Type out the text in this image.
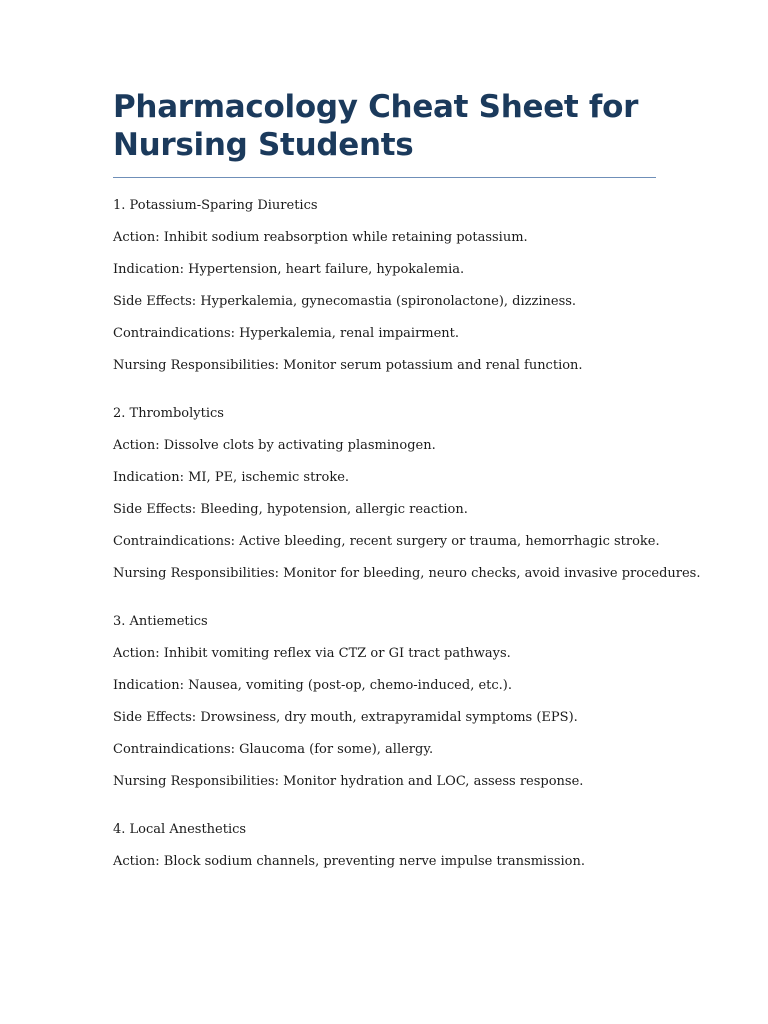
Pharmacology Cheat Sheet for Nursing Students
1. Potassium-Sparing Diuretics
Action: Inhibit sodium reabsorption while retaining potassium.
Indication: Hypertension, heart failure, hypokalemia.
Side Effects: Hyperkalemia, gynecomastia (spironolactone), dizziness.
Contraindications: Hyperkalemia, renal impairment.
Nursing Responsibilities: Monitor serum potassium and renal function.
2. Thrombolytics
Action: Dissolve clots by activating plasminogen.
Indication: MI, PE, ischemic stroke.
Side Effects: Bleeding, hypotension, allergic reaction.
Contraindications: Active bleeding, recent surgery or trauma, hemorrhagic stroke.
Nursing Responsibilities: Monitor for bleeding, neuro checks, avoid invasive procedures.
3. Antiemetics
Action: Inhibit vomiting reflex via CTZ or GI tract pathways.
Indication: Nausea, vomiting (post-op, chemo-induced, etc.).
Side Effects: Drowsiness, dry mouth, extrapyramidal symptoms (EPS).
Contraindications: Glaucoma (for some), allergy.
Nursing Responsibilities: Monitor hydration and LOC, assess response.
4. Local Anesthetics
Action: Block sodium channels, preventing nerve impulse transmission.
